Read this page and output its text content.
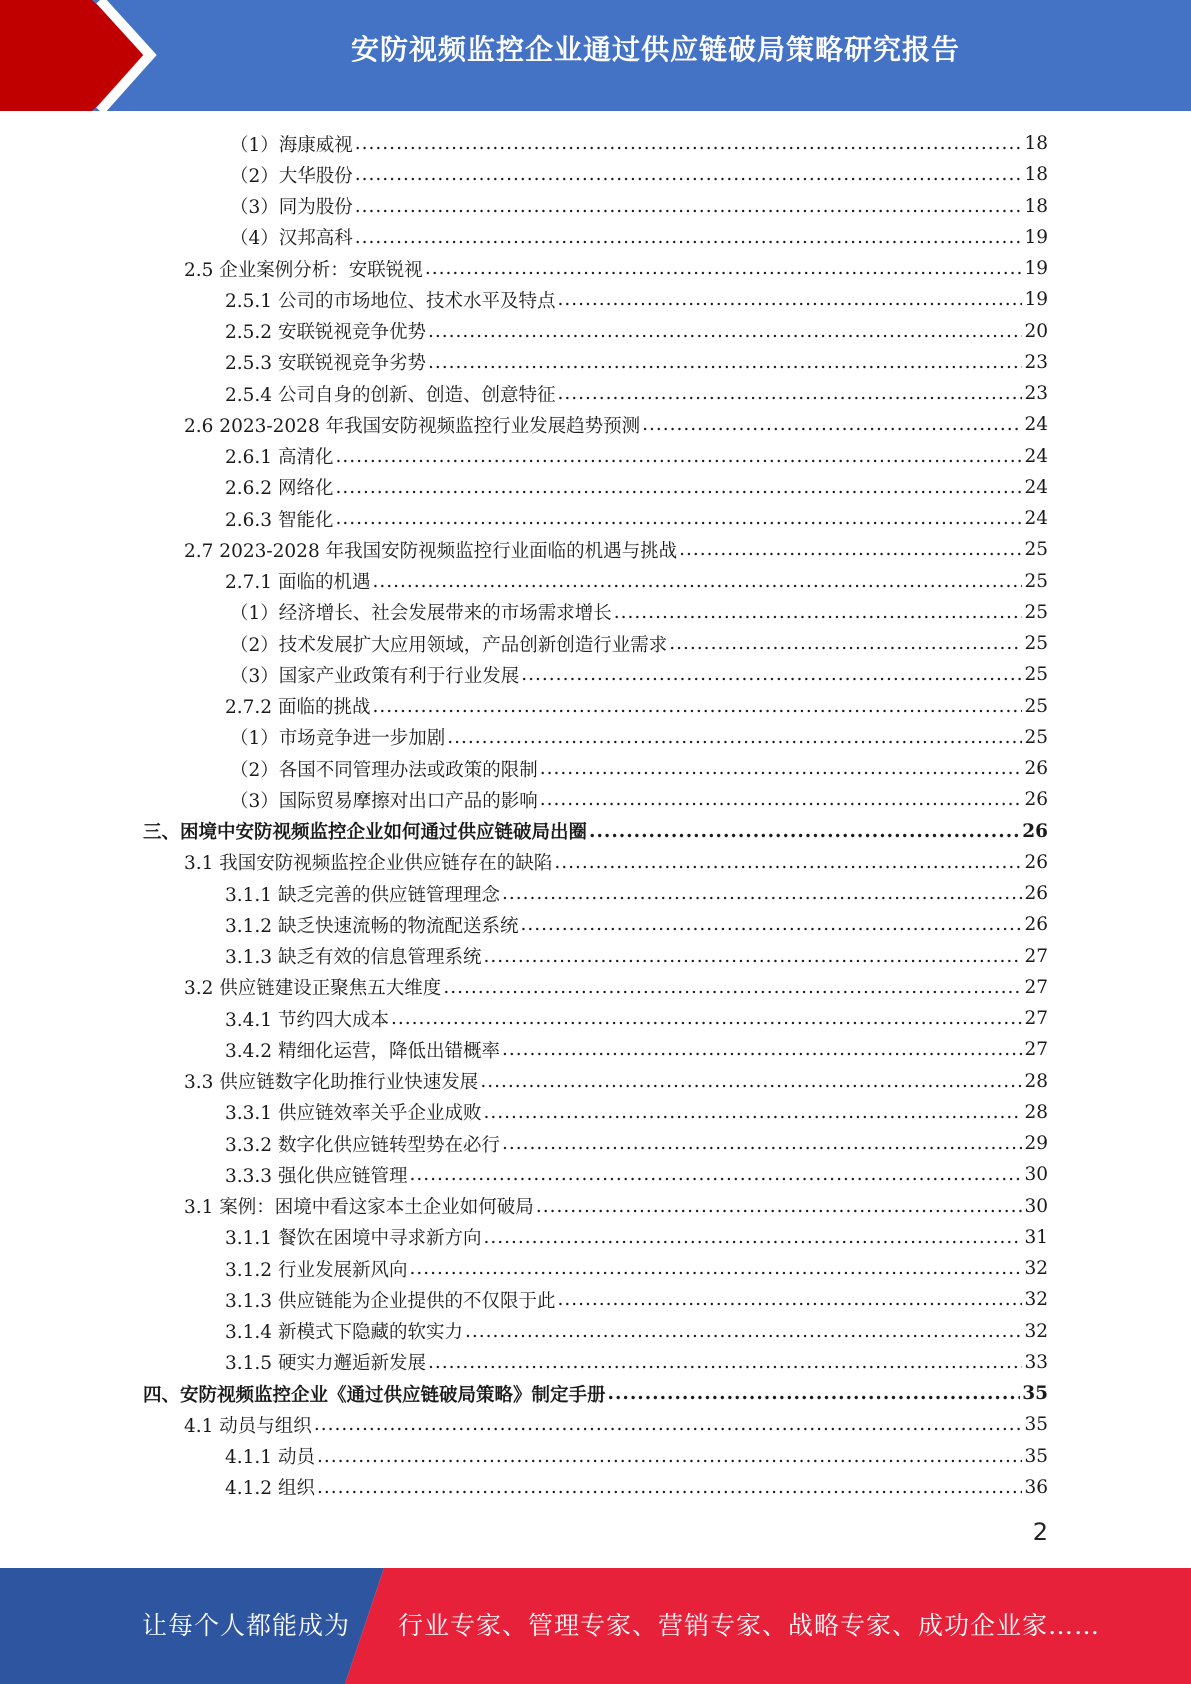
安防视频监控企业通过供应链破局策略研究报告
（1）海康威视 .....	18
（2）大华股份 .....	18
（3）同为股份 .....	18
（4）汉邦高科 .....	19
2.5 企业案例分析：安联锐视 .....	19
2.5.1 公司的市场地位、技术水平及特点 .....	19
2.5.2 安联锐视竞争优势 .....	20
2.5.3 安联锐视竞争劣势 .....	23
2.5.4 公司自身的创新、创造、创意特征 .....	23
2.6 2023-2028 年我国安防视频监控行业发展趋势预测 .....	24
2.6.1 高清化 .....	24
2.6.2 网络化 .....	24
2.6.3 智能化 .....	24
2.7 2023-2028 年我国安防视频监控行业面临的机遇与挑战 .....	25
2.7.1 面临的机遇 .....	25
（1）经济增长、社会发展带来的市场需求增长 .....	25
（2）技术发展扩大应用领域，产品创新创造行业需求 .....	25
（3）国家产业政策有利于行业发展 .....	25
2.7.2 面临的挑战 .....	25
（1）市场竞争进一步加剧 .....	25
（2）各国不同管理办法或政策的限制 .....	26
（3）国际贸易摩擦对出口产品的影响 .....	26
三、困境中安防视频监控企业如何通过供应链破局出圈 .....	26
3.1 我国安防视频监控企业供应链存在的缺陷 .....	26
3.1.1 缺乏完善的供应链管理理念 .....	26
3.1.2 缺乏快速流畅的物流配送系统 .....	26
3.1.3 缺乏有效的信息管理系统 .....	27
3.2 供应链建设正聚焦五大维度 .....	27
3.4.1 节约四大成本 .....	27
3.4.2 精细化运营，降低出错概率 .....	27
3.3 供应链数字化助推行业快速发展 .....	28
3.3.1 供应链效率关乎企业成败 .....	28
3.3.2 数字化供应链转型势在必行 .....	29
3.3.3 强化供应链管理 .....	30
3.1 案例：困境中看这家本土企业如何破局 .....	30
3.1.1 餐饮在困境中寻求新方向 .....	31
3.1.2 行业发展新风向 .....	32
3.1.3 供应链能为企业提供的不仅限于此 .....	32
3.1.4 新模式下隐藏的软实力 .....	32
3.1.5 硬实力邂逅新发展 .....	33
四、安防视频监控企业《通过供应链破局策略》制定手册 .....	35
4.1 动员与组织 .....	35
4.1.1 动员 .....	35
4.1.2 组织 .....	36
2
让每个人都能成为 行业专家、管理专家、营销专家、战略专家、成功企业家……
